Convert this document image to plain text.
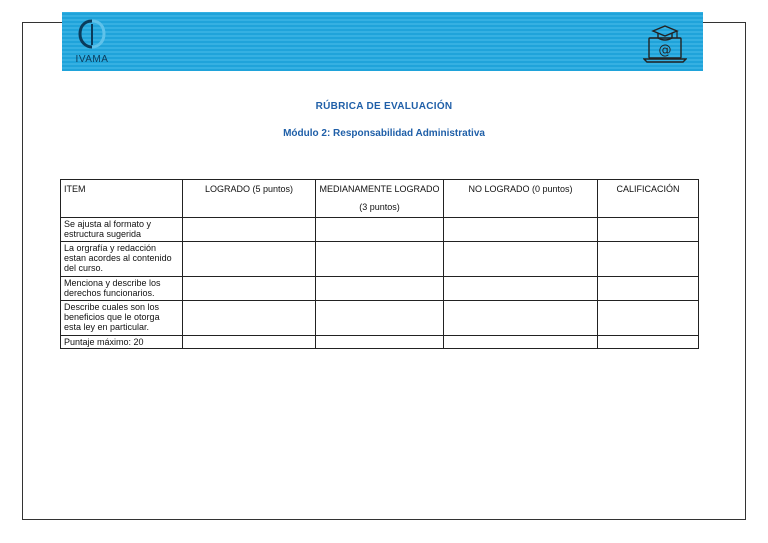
IVAMA
@
RÚBRICA DE EVALUACIÓN
Módulo 2: Responsabilidad Administrativa
ITEM	LOGRADO (5 puntos)	MEDIANAMENTE LOGRADO (3 puntos)	NO LOGRADO (0 puntos)	CALIFICACIÓN
Se ajusta al formato y estructura sugerida				
La orgrafía y redacción estan acordes al contenido del curso.				
Menciona y describe los derechos funcionarios.				
Describe cuales son los beneficios que le otorga esta ley en particular.				
Puntaje máximo: 20				
